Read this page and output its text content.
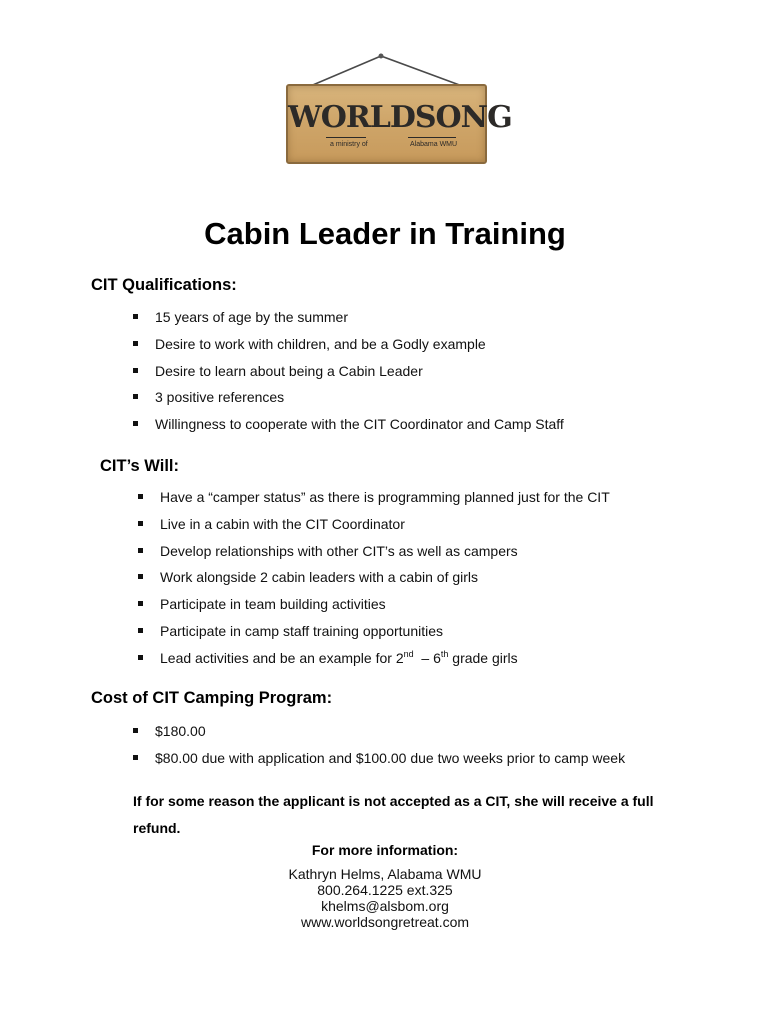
WORLDSONG
a ministry of	Alabama WMU
Cabin Leader in Training
CIT Qualifications:
15 years of age by the summer
Desire to work with children, and be a Godly example
Desire to learn about being a Cabin Leader
3 positive references
Willingness to cooperate with the CIT Coordinator and Camp Staff
CIT’s Will:
Have a “camper status” as there is programming planned just for the CIT
Live in a cabin with the CIT Coordinator
Develop relationships with other CIT’s as well as campers
Work alongside 2 cabin leaders with a cabin of girls
Participate in team building activities
Participate in camp staff training opportunities
Lead activities and be an example for 2nd  – 6th grade girls
Cost of CIT Camping Program:
$180.00
$80.00 due with application and $100.00 due two weeks prior to camp week
If for some reason the applicant is not accepted as a CIT, she will receive a full refund.
For more information:
Kathryn Helms, Alabama WMU
800.264.1225 ext.325
khelms@alsbom.org
www.worldsongretreat.com
